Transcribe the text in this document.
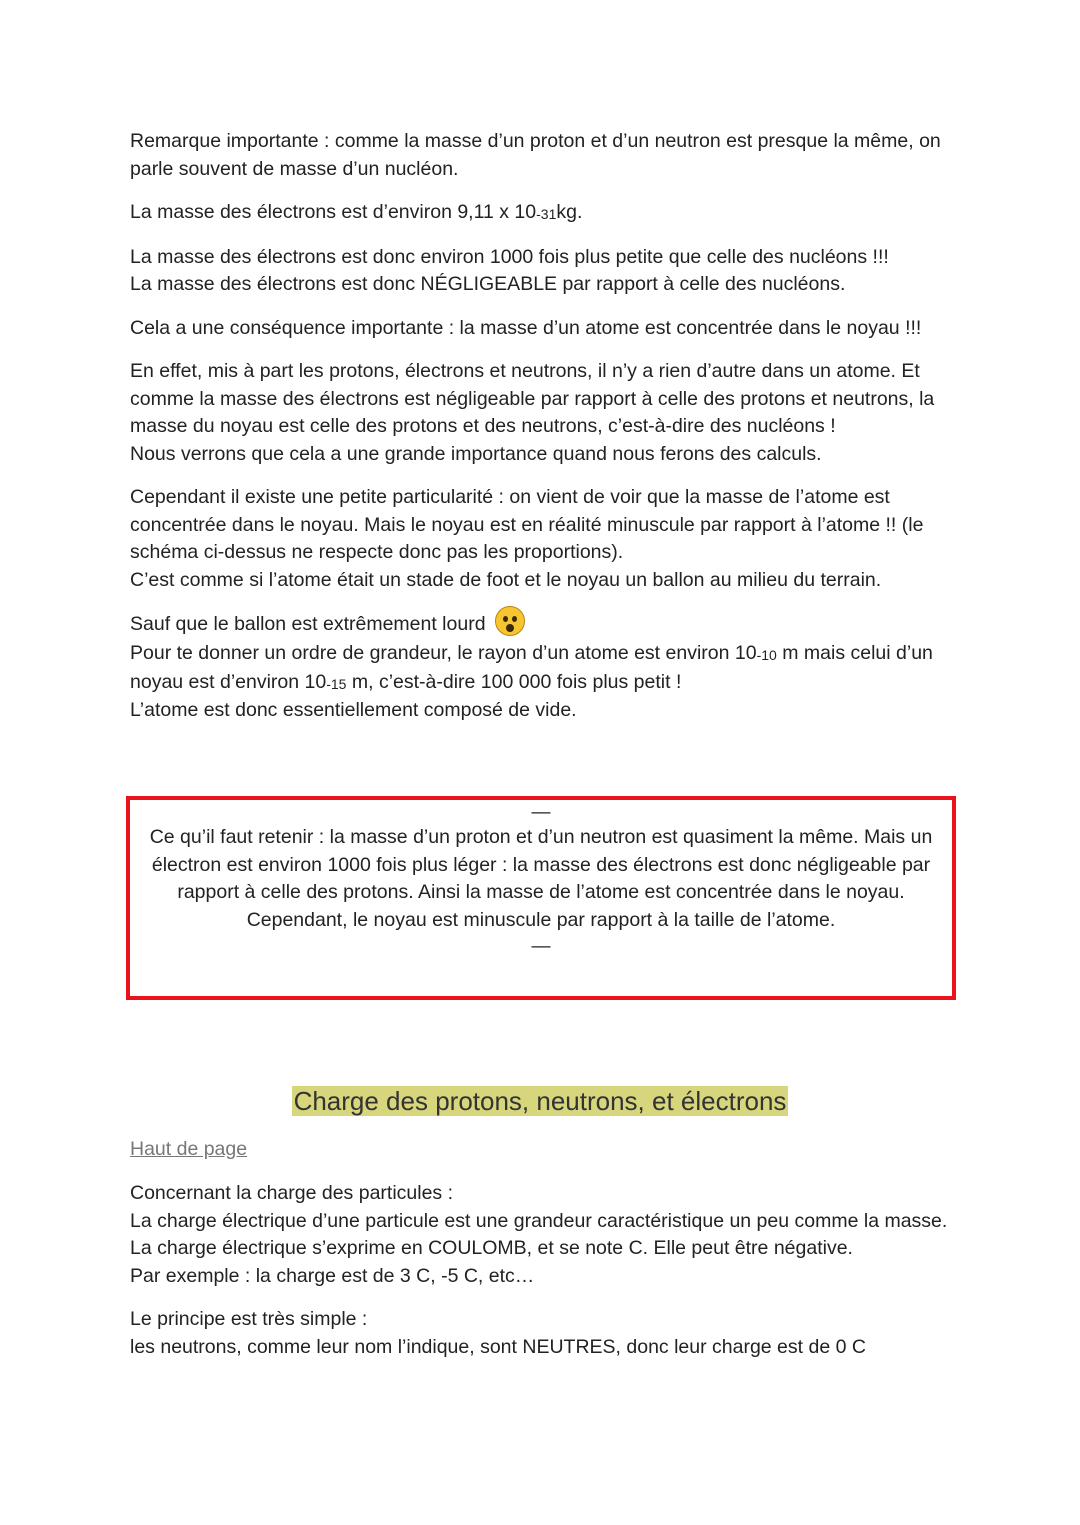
Remarque importante : comme la masse d’un proton et d’un neutron est presque la même, on parle souvent de masse d’un nucléon.

La masse des électrons est d’environ 9,11 x $10_{-31}kg$.

La masse des électrons est donc environ 1000 fois plus petite que celle des nucléons !!!
La masse des électrons est donc NÉGLIGEABLE par rapport à celle des nucléons.

Cela a une conséquence importante : la masse d’un atome est concentrée dans le noyau !!!

En effet, mis à part les protons, électrons et neutrons, il n’y a rien d’autre dans un atome. Et comme la masse des électrons est négligeable par rapport à celle des protons et neutrons, la masse du noyau est celle des protons et des neutrons, c’est-à-dire des nucléons !
Nous verrons que cela a une grande importance quand nous ferons des calculs.

Cependant il existe une petite particularité : on vient de voir que la masse de l’atome est concentrée dans le noyau. Mais le noyau est en réalité minuscule par rapport à l’atome !! (le schéma ci-dessus ne respecte donc pas les proportions).
C’est comme si l’atome était un stade de foot et le noyau un ballon au milieu du terrain.

Sauf que le ballon est extrêmement lourd

Pour te donner un ordre de grandeur, le rayon d’un atome est environ $10_{-10}$ m mais celui d’un noyau est d’environ $10_{-15}$ m, c’est-à-dire 100 000 fois plus petit !
L’atome est donc essentiellement composé de vide.

—

Ce qu’il faut retenir : la masse d’un proton et d’un neutron est quasiment la même. Mais un électron est environ 1000 fois plus léger : la masse des électrons est donc négligeable par rapport à celle des protons. Ainsi la masse de l’atome est concentrée dans le noyau.

Cependant, le noyau est minuscule par rapport à la taille de l’atome.

—
Charge des protons, neutrons, et électrons
Haut de page

Concernant la charge des particules :
La charge électrique d’une particule est une grandeur caractéristique un peu comme la masse.
La charge électrique s’exprime en COULOMB, et se note C. Elle peut être négative.
Par exemple : la charge est de 3 C, -5 C, etc…

Le principe est très simple :
les neutrons, comme leur nom l’indique, sont NEUTRES, donc leur charge est de 0 C
